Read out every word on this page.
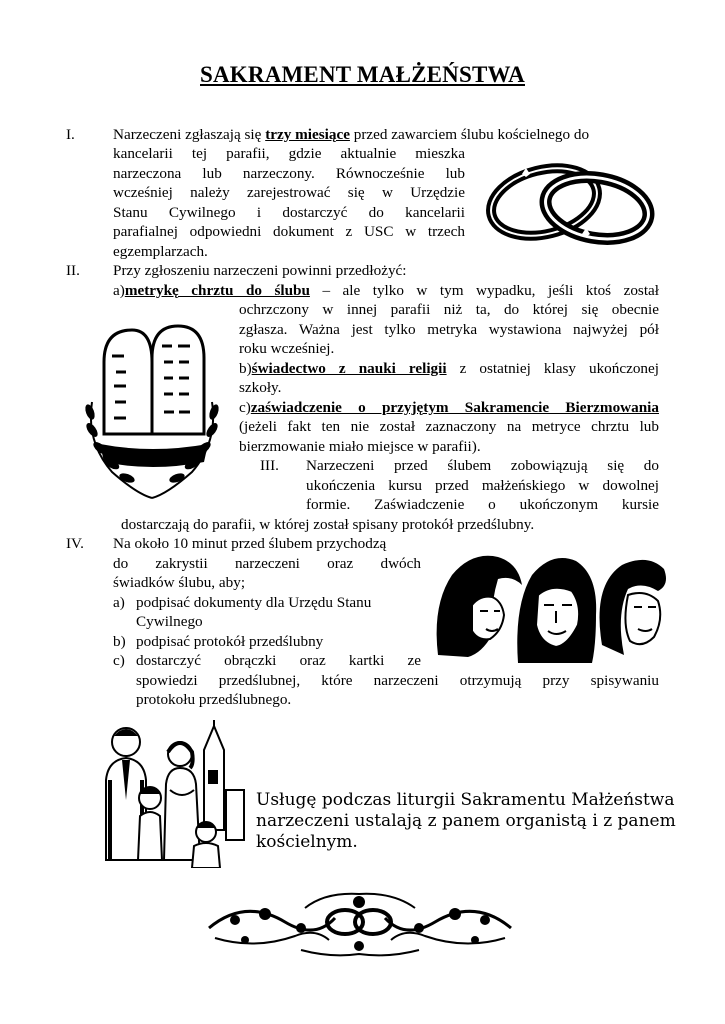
SAKRAMENT MAŁŻEŃSTWA
I.	Narzeczeni zgłaszają się trzy miesiące przed zawarciem ślubu kościelnego do
kancelarii tej parafii, gdzie aktualnie mieszka
narzeczona lub narzeczony. Równocześnie lub
wcześniej należy zarejestrować się w Urzędzie
Stanu Cywilnego i dostarczyć do kancelarii
parafialnej odpowiedni dokument z USC w trzech
egzemplarzach.
II. Przy zgłoszeniu narzeczeni powinni przedłożyć:
a)metrykę chrztu do ślubu – ale tylko w tym wypadku, jeśli ktoś został
ochrzczony w innej parafii niż ta, do której się obecnie
zgłasza. Ważna jest tylko metryka wystawiona najwyżej pół
roku wcześniej.
b)świadectwo z nauki religii z ostatniej klasy ukończonej
szkoły.
c)zaświadczenie o przyjętym Sakramencie Bierzmowania
(jeżeli fakt ten nie został zaznaczony na metryce chrztu lub
bierzmowanie miało miejsce w parafii).
III. Narzeczeni przed ślubem zobowiązują się do
ukończenia kursu przed małżeńskiego w dowolnej
formie. Zaświadczenie o ukończonym kursie
dostarczają do parafii, w której został spisany protokół przedślubny.
IV. Na około 10 minut przed ślubem przychodzą
do zakrystii narzeczeni oraz dwóch
świadków ślubu, aby;
a) podpisać dokumenty dla Urzędu Stanu
Cywilnego
b) podpisać protokół przedślubny
c) dostarczyć obrączki oraz kartki ze
spowiedzi przedślubnej, które narzeczeni otrzymują przy spisywaniu
protokołu przedślubnego.
Usługę podczas liturgii Sakramentu Małżeństwa
narzeczeni ustalają z panem organistą i z panem
kościelnym.
